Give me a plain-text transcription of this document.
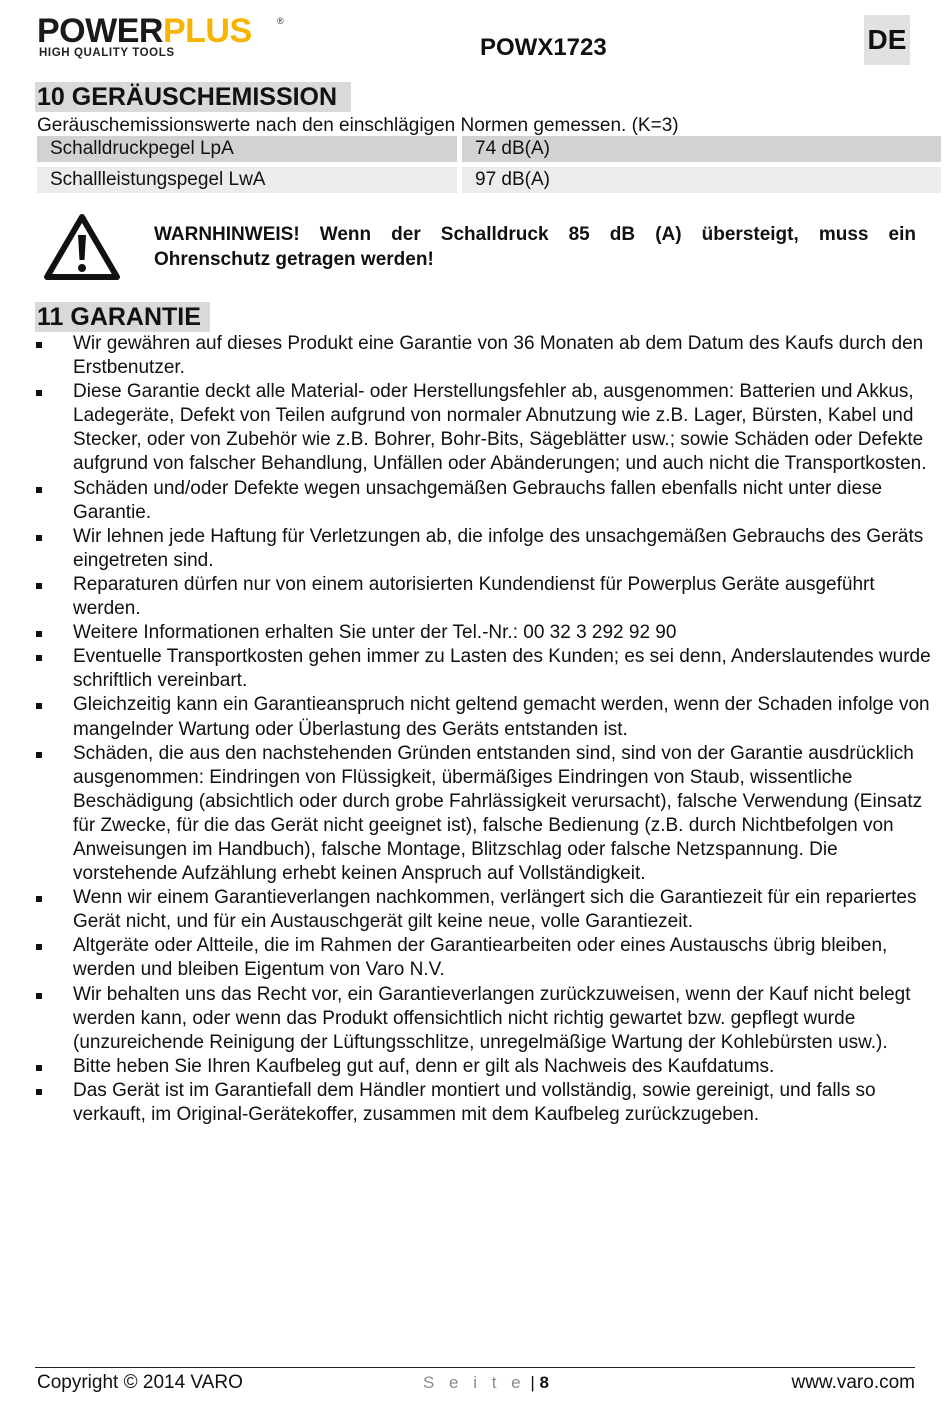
POWERPLUS	®
HIGH QUALITY TOOLS	POWX1723	DE
10 GERÄUSCHEMISSION
Geräuschemissionswerte nach den einschlägigen Normen gemessen. (K=3)
Schalldruckpegel LpA	74 dB(A)
Schallleistungspegel LwA	97 dB(A)
WARNHINWEIS! Wenn der Schalldruck 85 dB (A) übersteigt, muss ein
Ohrenschutz getragen werden!
11 GARANTIE
Wir gewähren auf dieses Produkt eine Garantie von 36 Monaten ab dem Datum des Kaufs durch den Erstbenutzer.
Diese Garantie deckt alle Material- oder Herstellungsfehler ab, ausgenommen: Batterien und Akkus, Ladegeräte, Defekt von Teilen aufgrund von normaler Abnutzung wie z.B. Lager, Bürsten, Kabel und Stecker, oder von Zubehör wie z.B. Bohrer, Bohr-Bits, Sägeblätter usw.; sowie Schäden oder Defekte aufgrund von falscher Behandlung, Unfällen oder Abänderungen; und auch nicht die Transportkosten.
Schäden und/oder Defekte wegen unsachgemäßen Gebrauchs fallen ebenfalls nicht unter diese Garantie.
Wir lehnen jede Haftung für Verletzungen ab, die infolge des unsachgemäßen Gebrauchs des Geräts eingetreten sind.
Reparaturen dürfen nur von einem autorisierten Kundendienst für Powerplus Geräte ausgeführt werden.
Weitere Informationen erhalten Sie unter der Tel.-Nr.: 00 32 3 292 92 90
Eventuelle Transportkosten gehen immer zu Lasten des Kunden; es sei denn, Anderslautendes wurde schriftlich vereinbart.
Gleichzeitig kann ein Garantieanspruch nicht geltend gemacht werden, wenn der Schaden infolge von mangelnder Wartung oder Überlastung des Geräts entstanden ist.
Schäden, die aus den nachstehenden Gründen entstanden sind, sind von der Garantie ausdrücklich ausgenommen: Eindringen von Flüssigkeit, übermäßiges Eindringen von Staub, wissentliche Beschädigung (absichtlich oder durch grobe Fahrlässigkeit verursacht), falsche Verwendung (Einsatz für Zwecke, für die das Gerät nicht geeignet ist), falsche Bedienung (z.B. durch Nichtbefolgen von Anweisungen im Handbuch), falsche Montage, Blitzschlag oder falsche Netzspannung. Die vorstehende Aufzählung erhebt keinen Anspruch auf Vollständigkeit.
Wenn wir einem Garantieverlangen nachkommen, verlängert sich die Garantiezeit für ein repariertes Gerät nicht, und für ein Austauschgerät gilt keine neue, volle Garantiezeit.
Altgeräte oder Altteile, die im Rahmen der Garantiearbeiten oder eines Austauschs übrig bleiben, werden und bleiben Eigentum von Varo N.V.
Wir behalten uns das Recht vor, ein Garantieverlangen zurückzuweisen, wenn der Kauf nicht belegt werden kann, oder wenn das Produkt offensichtlich nicht richtig gewartet bzw. gepflegt wurde (unzureichende Reinigung der Lüftungsschlitze, unregelmäßige Wartung der Kohlebürsten usw.).
Bitte heben Sie Ihren Kaufbeleg gut auf, denn er gilt als Nachweis des Kaufdatums.
Das Gerät ist im Garantiefall dem Händler montiert und vollständig, sowie gereinigt, und falls so verkauft, im Original-Gerätekoffer, zusammen mit dem Kaufbeleg zurückzugeben.
Copyright © 2014 VARO	S e i t e | 8	www.varo.com
